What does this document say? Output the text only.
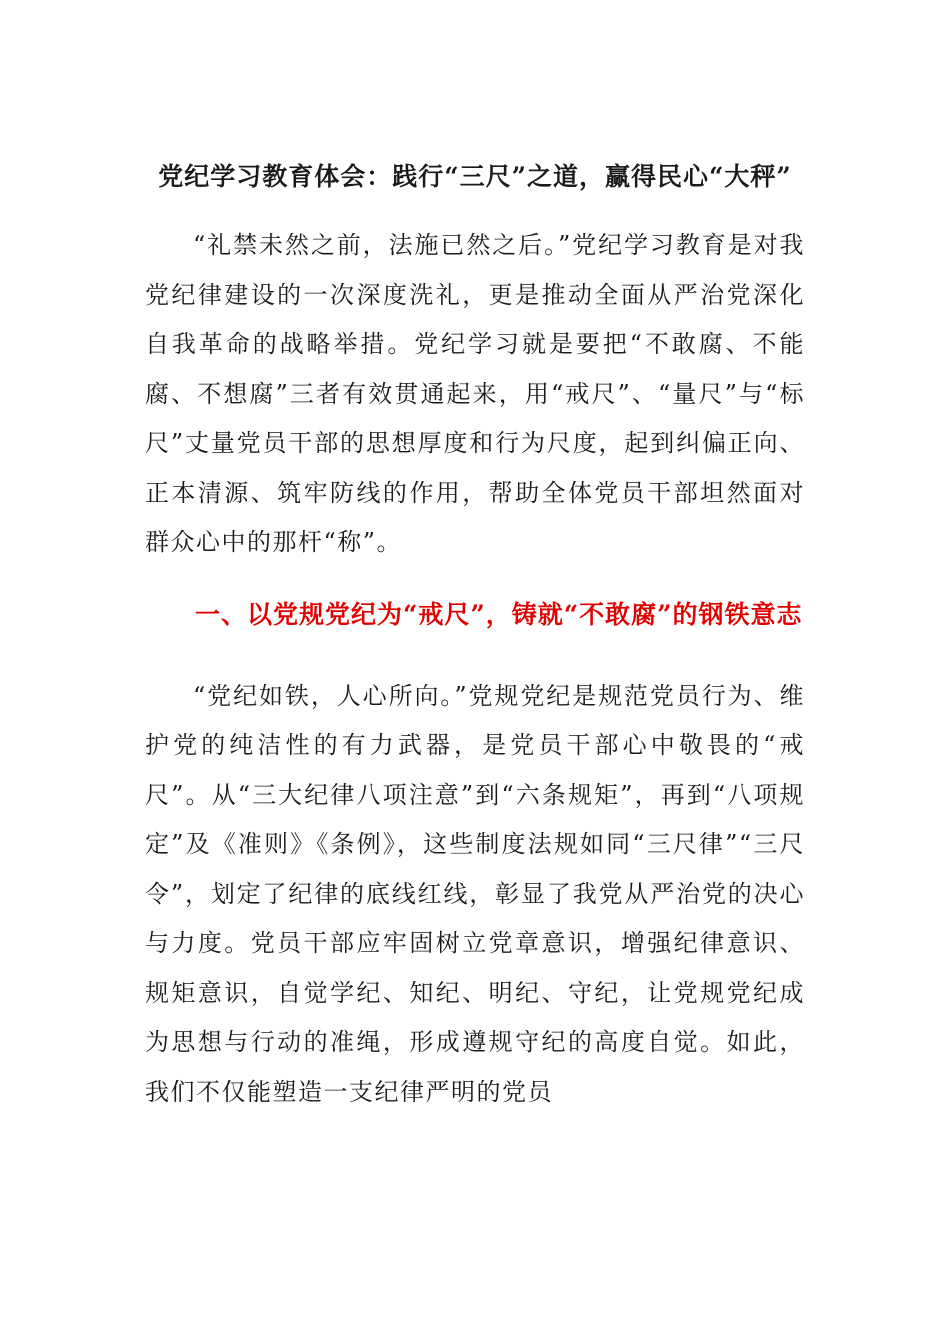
党纪学习教育体会：践行“三尺”之道，赢得民心“大秤”

“礼禁未然之前，法施已然之后。”党纪学习教育是对我党纪律建设的一次深度洗礼，更是推动全面从严治党深化自我革命的战略举措。党纪学习就是要把“不敢腐、不能腐、不想腐”三者有效贯通起来，用“戒尺”、“量尺”与“标尺”丈量党员干部的思想厚度和行为尺度，起到纠偏正向、正本清源、筑牢防线的作用，帮助全体党员干部坦然面对群众心中的那杆“称”。

一、以党规党纪为“戒尺”，铸就“不敢腐”的钢铁意志

“党纪如铁，人心所向。”党规党纪是规范党员行为、维护党的纯洁性的有力武器，是党员干部心中敬畏的“戒尺”。从“三大纪律八项注意”到“六条规矩”，再到“八项规定”及《准则》《条例》，这些制度法规如同“三尺律”“三尺令”，划定了纪律的底线红线，彰显了我党从严治党的决心与力度。党员干部应牢固树立党章意识，增强纪律意识、规矩意识，自觉学纪、知纪、明纪、守纪，让党规党纪成为思想与行动的准绳，形成遵规守纪的高度自觉。如此，我们不仅能塑造一支纪律严明的党员
